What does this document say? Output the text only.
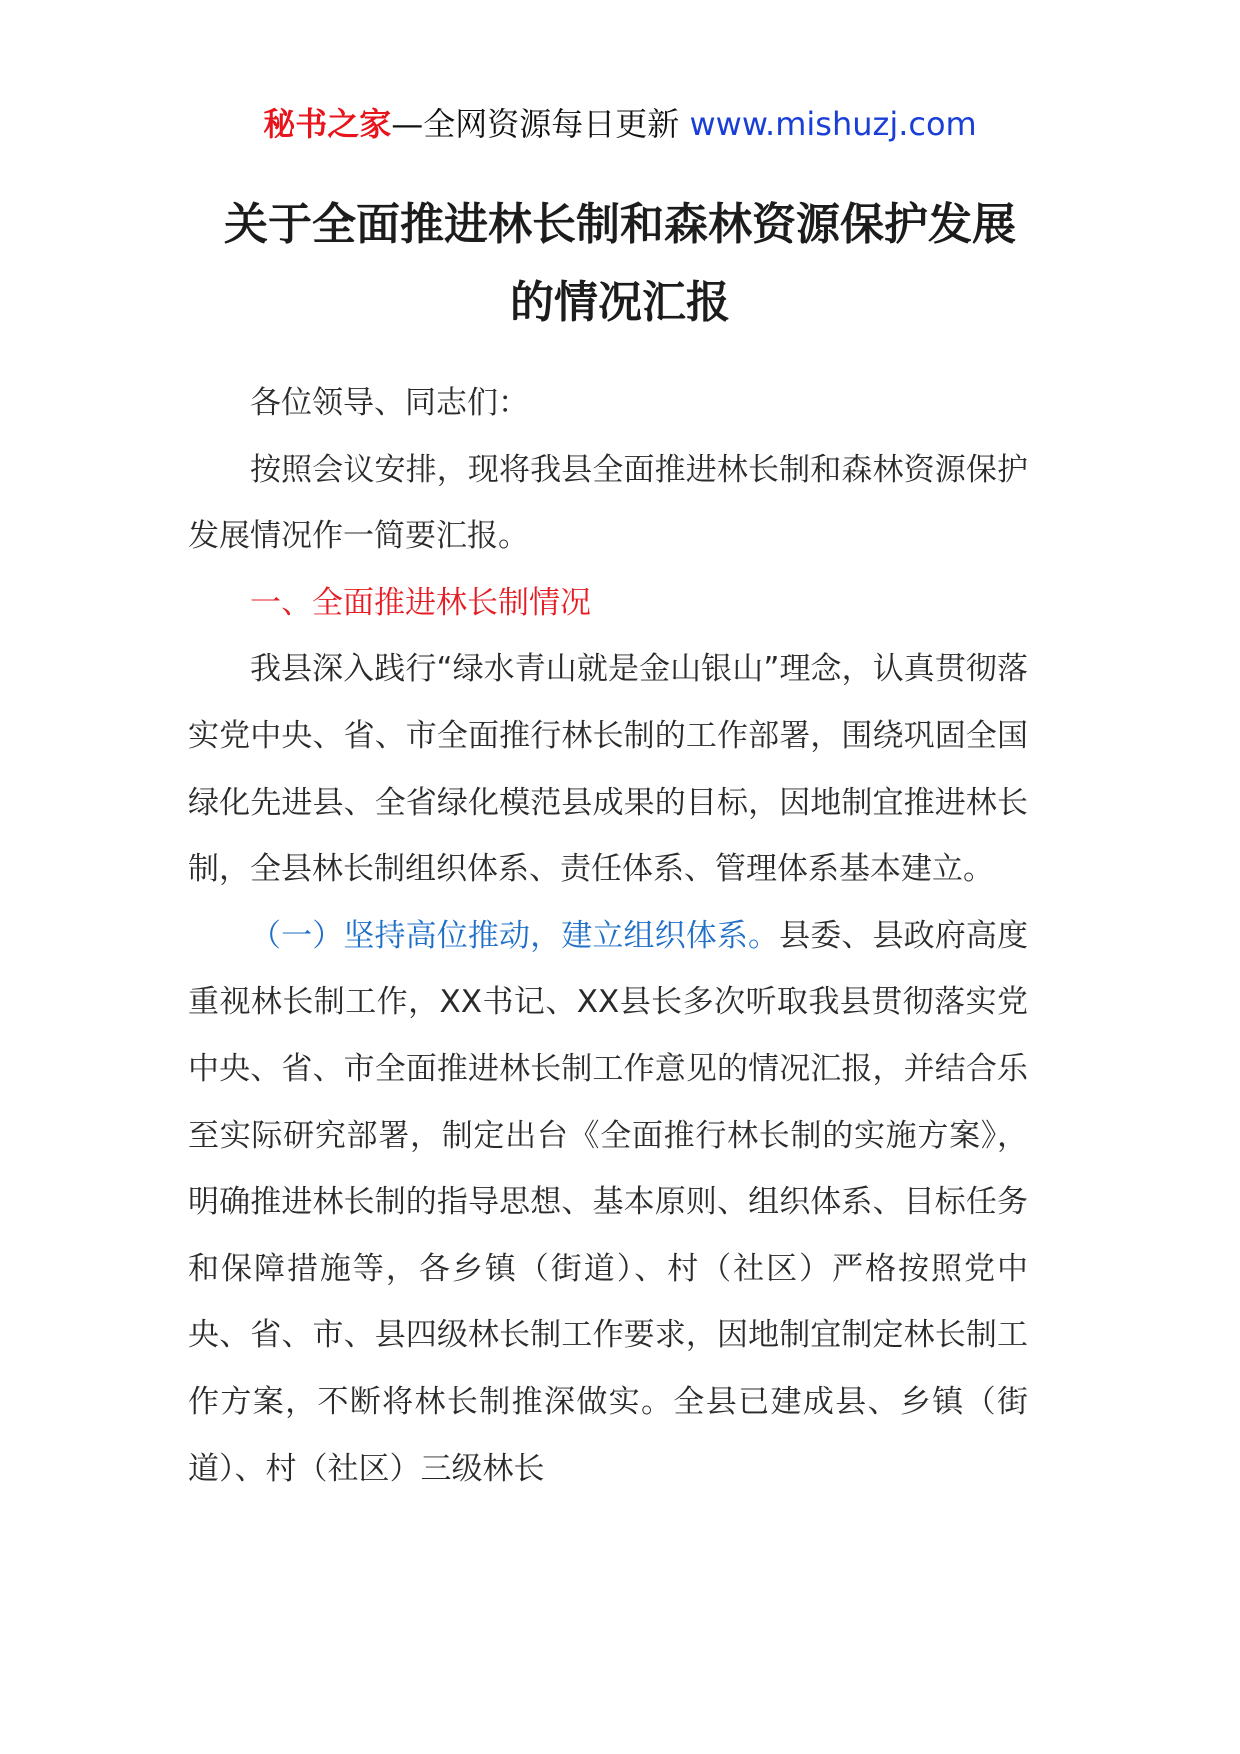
秘书之家—全网资源每日更新 www.mishuzj.com
关于全面推进林长制和森林资源保护发展
的情况汇报

各位领导、同志们：

按照会议安排，现将我县全面推进林长制和森林资源保护发展情况作一简要汇报。

一、全面推进林长制情况

我县深入践行“绿水青山就是金山银山”理念，认真贯彻落实党中央、省、市全面推行林长制的工作部署，围绕巩固全国绿化先进县、全省绿化模范县成果的目标，因地制宜推进林长制，全县林长制组织体系、责任体系、管理体系基本建立。

（一）坚持高位推动，建立组织体系。县委、县政府高度重视林长制工作，XX书记、XX县长多次听取我县贯彻落实党中央、省、市全面推进林长制工作意见的情况汇报，并结合乐至实际研究部署，制定出台《全面推行林长制的实施方案》，明确推进林长制的指导思想、基本原则、组织体系、目标任务和保障措施等，各乡镇（街道）、村（社区）严格按照党中央、省、市、县四级林长制工作要求，因地制宜制定林长制工作方案，不断将林长制推深做实。全县已建成县、乡镇（街道）、村（社区）三级林长
